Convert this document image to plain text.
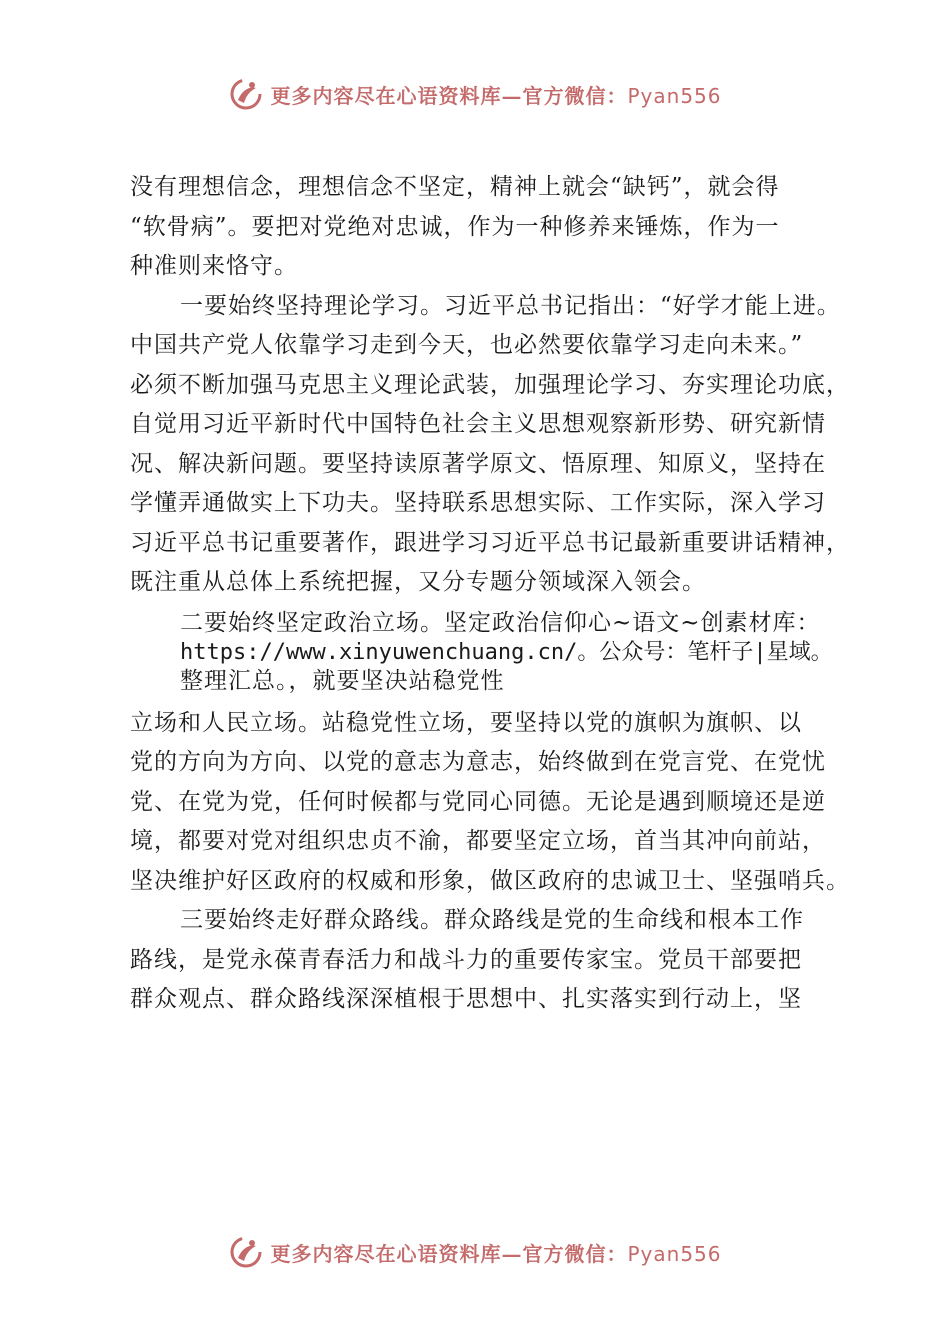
更多内容尽在心语资料库—官方微信：Pyan556
没有理想信念，理想信念不坚定，精神上就会“缺钙”，就会得
“软骨病”。要把对党绝对忠诚，作为一种修养来锤炼，作为一
种准则来恪守。
一要始终坚持理论学习。习近平总书记指出：“好学才能上进。
中国共产党人依靠学习走到今天，也必然要依靠学习走向未来。”
必须不断加强马克思主义理论武装，加强理论学习、夯实理论功底，
自觉用习近平新时代中国特色社会主义思想观察新形势、研究新情
况、解决新问题。要坚持读原著学原文、悟原理、知原义，坚持在
学懂弄通做实上下功夫。坚持联系思想实际、工作实际，深入学习
习近平总书记重要著作，跟进学习习近平总书记最新重要讲话精神，
既注重从总体上系统把握，又分专题分领域深入领会。
二要始终坚定政治立场。坚定政治信仰心~语文~创素材库：
https://www.xinyuwenchuang.cn/。公众号：笔杆子|星域。
整理汇总。，就要坚决站稳党性
立场和人民立场。站稳党性立场，要坚持以党的旗帜为旗帜、以
党的方向为方向、以党的意志为意志，始终做到在党言党、在党忧
党、在党为党，任何时候都与党同心同德。无论是遇到顺境还是逆
境，都要对党对组织忠贞不渝，都要坚定立场，首当其冲向前站，
坚决维护好区政府的权威和形象，做区政府的忠诚卫士、坚强哨兵。
三要始终走好群众路线。群众路线是党的生命线和根本工作
路线，是党永葆青春活力和战斗力的重要传家宝。党员干部要把
群众观点、群众路线深深植根于思想中、扎实落实到行动上，坚
更多内容尽在心语资料库—官方微信：Pyan556
